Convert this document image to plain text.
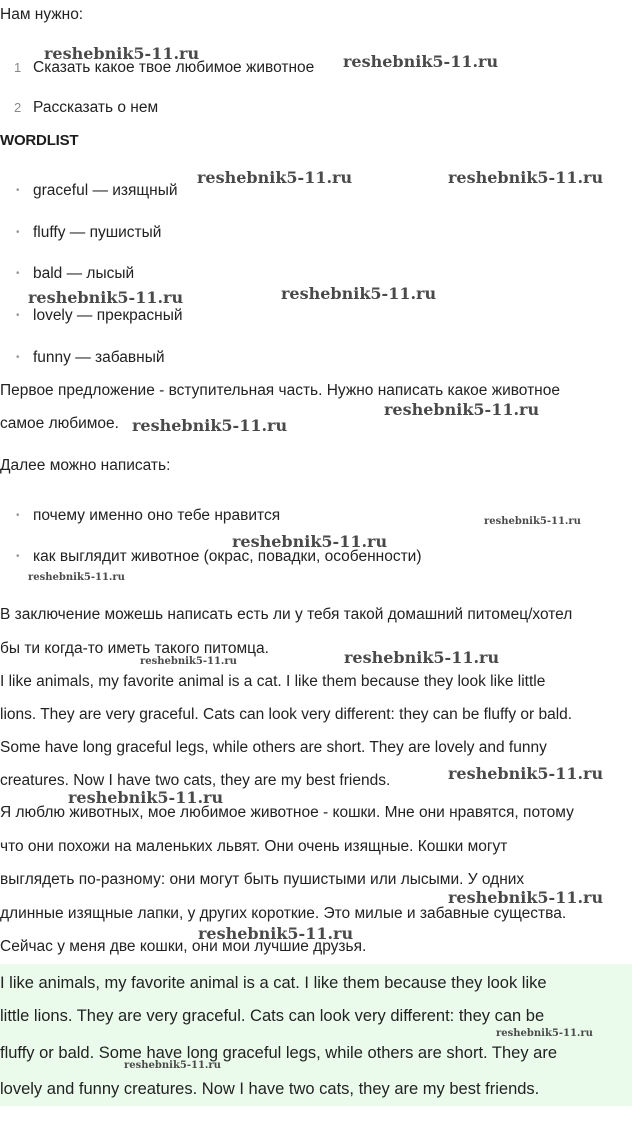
Нам нужно:
1 Сказать какое твое любимое животное
2 Рассказать о нем
WORDLIST
• graceful — изящный
• fluffy — пушистый
• bald — лысый
• lovely — прекрасный
• funny — забавный
Первое предложение - вступительная часть. Нужно написать какое животное
самое любимое.
Далее можно написать:
• почему именно оно тебе нравится
• как выглядит животное (окрас, повадки, особенности)
В заключение можешь написать есть ли у тебя такой домашний питомец/хотел
бы ти когда-то иметь такого питомца.
I like animals, my favorite animal is a cat. I like them because they look like little
lions. They are very graceful. Cats can look very different: they can be fluffy or bald.
Some have long graceful legs, while others are short. They are lovely and funny
creatures. Now I have two cats, they are my best friends.
Я люблю животных, мое любимое животное - кошки. Мне они нравятся, потому
что они похожи на маленьких львят. Они очень изящные. Кошки могут
выглядеть по-разному: они могут быть пушистыми или лысыми. У одних
длинные изящные лапки, у других короткие. Это милые и забавные существа.
Сейчас у меня две кошки, они мои лучшие друзья.
I like animals, my favorite animal is a cat. I like them because they look like
little lions. They are very graceful. Cats can look very different: they can be
fluffy or bald. Some have long graceful legs, while others are short. They are
lovely and funny creatures. Now I have two cats, they are my best friends.
reshebnik5-11.ru	reshebnik5-11.ru
reshebnik5-11.ru	reshebnik5-11.ru
reshebnik5-11.ru	reshebnik5-11.ru
reshebnik5-11.ru
reshebnik5-11.ru
reshebnik5-11.ru
reshebnik5-11.ru
reshebnik5-11.ru
reshebnik5-11.ru	reshebnik5-11.ru
reshebnik5-11.ru
reshebnik5-11.ru
reshebnik5-11.ru
reshebnik5-11.ru
reshebnik5-11.ru
reshebnik5-11.ru
